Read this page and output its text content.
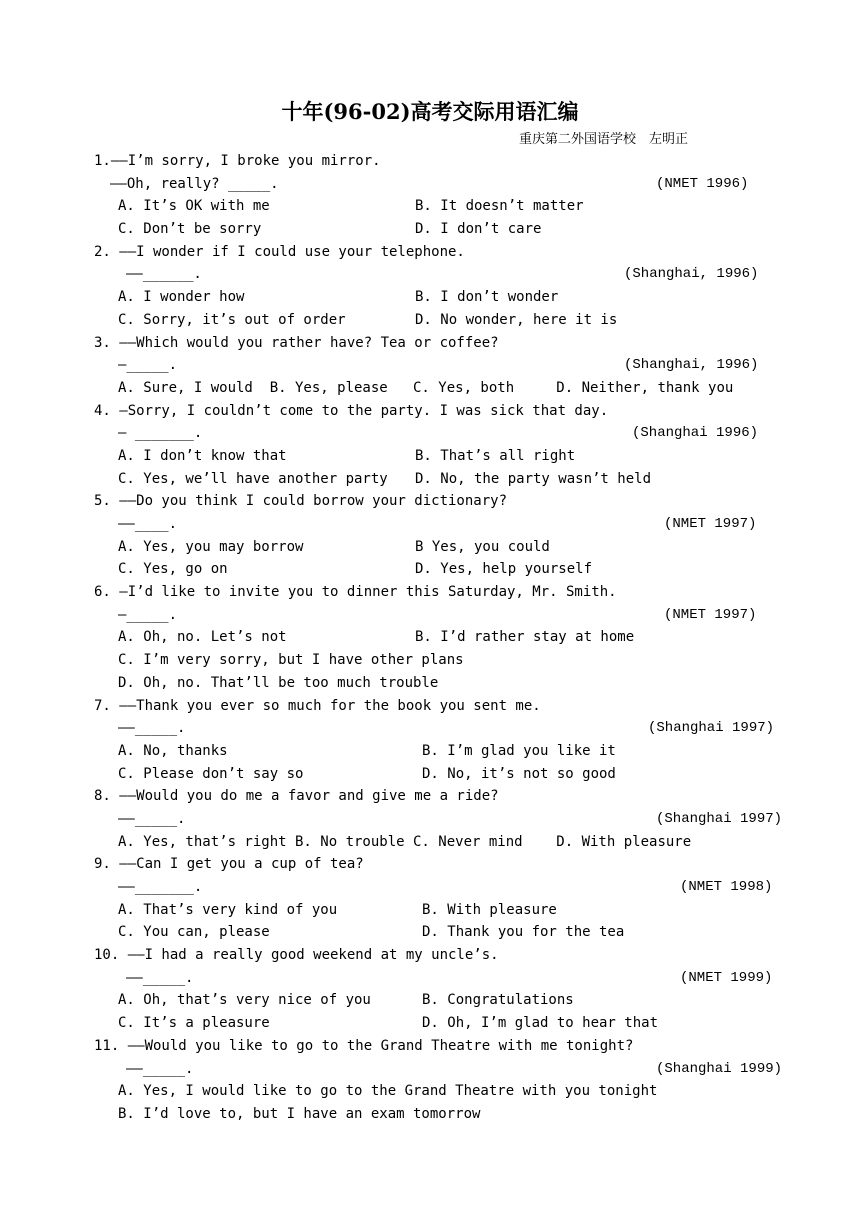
十年(96-02)高考交际用语汇编
重庆第二外国语学校　左明正
1.——I’m sorry, I broke you mirror.
——Oh, really? _____.	(NMET 1996)
A. It’s OK with me	B. It doesn’t matter
C. Don’t be sorry	D. I don’t care
2. ——I wonder if I could use your telephone.
——______.	(Shanghai, 1996)
A. I wonder how	B. I don’t wonder
C. Sorry, it’s out of order	D. No wonder, here it is
3. ——Which would you rather have? Tea or coffee?
—_____.	(Shanghai, 1996)
A. Sure, I would  B. Yes, please   C. Yes, both     D. Neither, thank you
4. —Sorry, I couldn’t come to the party. I was sick that day.
— _______.	(Shanghai 1996)
A. I don’t know that	B. That’s all right
C. Yes, we’ll have another party D. No, the party wasn’t held
5. ——Do you think I could borrow your dictionary?
——____.	(NMET 1997)
A. Yes, you may borrow	B Yes, you could
C. Yes, go on	D. Yes, help yourself
6. —I’d like to invite you to dinner this Saturday, Mr. Smith.
—_____.	(NMET 1997)
A. Oh, no. Let’s not	B. I’d rather stay at home
C. I’m very sorry, but I have other plans
D. Oh, no. That’ll be too much trouble
7. ——Thank you ever so much for the book you sent me.
——_____.	(Shanghai 1997)
A. No, thanks	B. I’m glad you like it
C. Please don’t say so	D. No, it’s not so good
8. ——Would you do me a favor and give me a ride?
——_____.	(Shanghai 1997)
A. Yes, that’s right B. No trouble C. Never mind    D. With pleasure
9. ——Can I get you a cup of tea?
——_______.	(NMET 1998)
A. That’s very kind of you	B. With pleasure
C. You can, please	D. Thank you for the tea
10. ——I had a really good weekend at my uncle’s.
——_____.	(NMET 1999)
A. Oh, that’s very nice of you	B. Congratulations
C. It’s a pleasure	D. Oh, I’m glad to hear that
11. ——Would you like to go to the Grand Theatre with me tonight?
——_____.	(Shanghai 1999)
A. Yes, I would like to go to the Grand Theatre with you tonight
B. I’d love to, but I have an exam tomorrow
